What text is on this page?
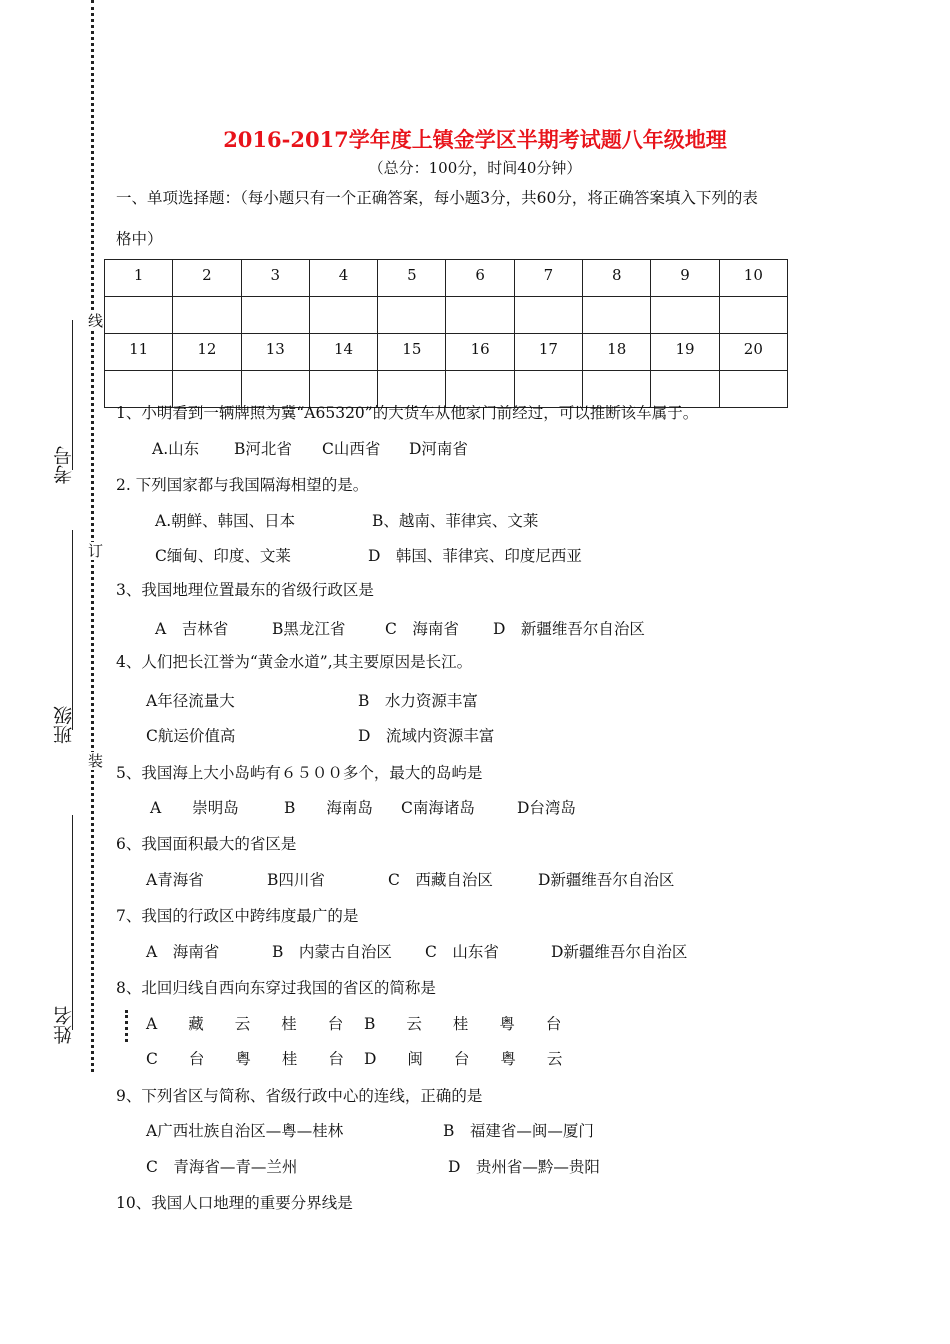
线
订
装
考号
班级
姓名
2016-2017学年度上镇金学区半期考试题八年级地理
（总分：100分，时间40分钟）
一、单项选择题：（每小题只有一个正确答案，每小题3分，共60分，将正确答案填入下列的表
格中）
1	2	3	4	5	6	7	8	9	10

11	12	13	14	15	16	17	18	19	20

1、小明看到一辆牌照为冀“A65320”的大货车从他家门前经过，可以推断该车属于。
A.山东 B河北省 C山西省 D河南省
2. 下列国家都与我国隔海相望的是。
A.朝鲜、韩国、日本	B、越南、菲律宾、文莱
C缅甸、印度、文莱	D　韩国、菲律宾、印度尼西亚
3、我国地理位置最东的省级行政区是
A　吉林省	B黑龙江省	C　海南省 D　新疆维吾尔自治区
4、人们把长江誉为“黄金水道”,其主要原因是长江。
A年径流量大	B　水力资源丰富
C航运价值高	D　流域内资源丰富
5、我国海上大小岛屿有６５００多个，最大的岛屿是
A　　崇明岛	B　　海南岛 C南海诸岛	D台湾岛
6、我国面积最大的省区是
A青海省	B四川省	C　西藏自治区	D新疆维吾尔自治区
7、我国的行政区中跨纬度最广的是
A　海南省	B　内蒙古自治区 C　山东省	D新疆维吾尔自治区
8、北回归线自西向东穿过我国的省区的简称是
A　　藏　　云　　桂　　台 B　　云　　桂　　粤　　台
C　　台　　粤　　桂　　台 D　　闽　　台　　粤　　云
9、下列省区与简称、省级行政中心的连线，正确的是
A广西壮族自治区—粤—桂林	B　福建省—闽—厦门
C　青海省—青—兰州	D　贵州省—黔—贵阳
10、我国人口地理的重要分界线是
